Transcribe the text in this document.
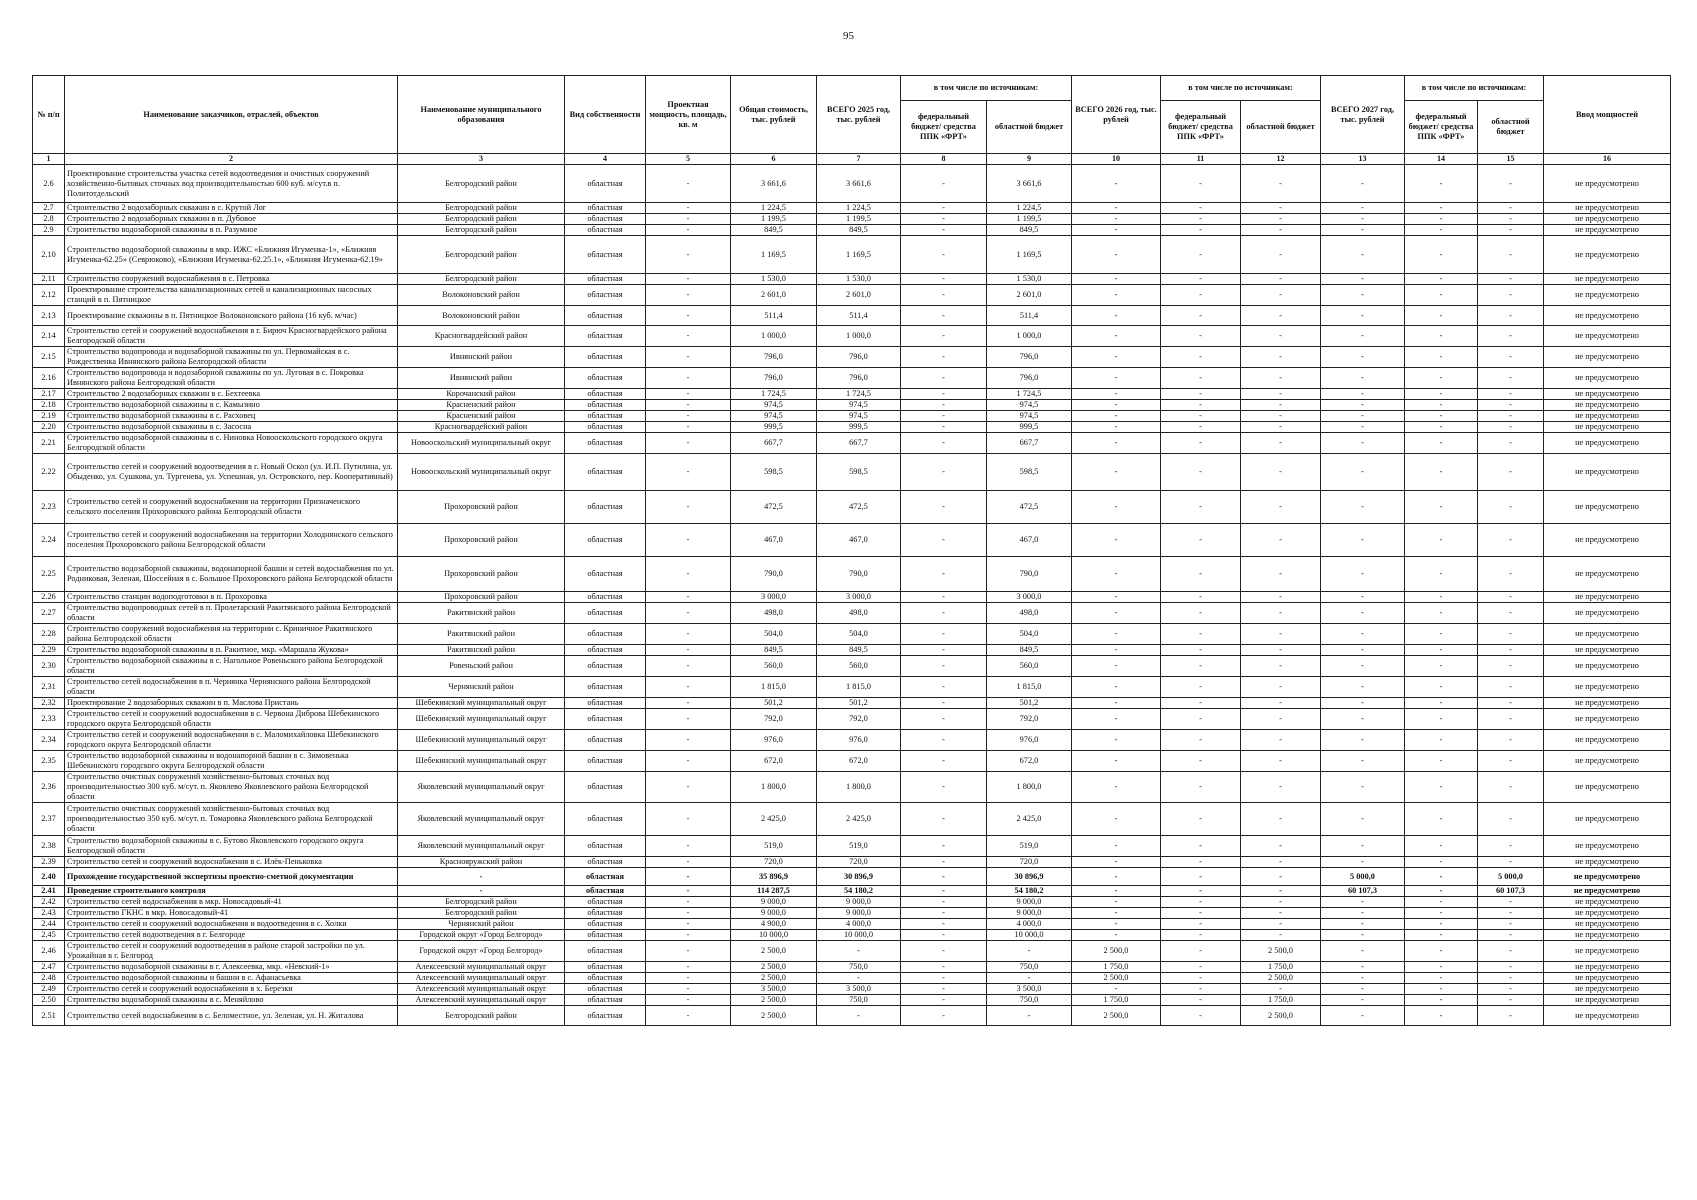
95
№ п/п	Наименование заказчиков, отраслей, объектов	Наименование муниципального образования	Вид собственности	Проектная мощность, площадь, кв. м	Общая стоимость, тыс. рублей	ВСЕГО 2025 год, тыс. рублей	в том числе по источникам:		ВСЕГО 2026 год, тыс. рублей	в том числе по источникам:		ВСЕГО 2027 год, тыс. рублей	в том числе по источникам:		Ввод мощностей
							федеральный бюджет/ средства ППК «ФРТ»	областной бюджет		федеральный бюджет/ средства ППК «ФРТ»	областной бюджет		федеральный бюджет/ средства ППК «ФРТ»	областной бюджет	
1	2	3	4	5	6	7	8	9	10	11	12	13	14	15	16
2.6	Проектирование строительства участка сетей водоотведения и очистных сооружений хозяйственно-бытовых сточных вод производительностью 600 куб. м/сут.в п. Политотдельский	Белгородский район	областная	-	3 661,6	3 661,6	-	3 661,6	-	-	-	-	-	-	не предусмотрено
2.7	Строительство 2 водозаборных скважин в с. Крутой Лог	Белгородский район	областная	-	1 224,5	1 224,5	-	1 224,5	-	-	-	-	-	-	не предусмотрено
2.8	Строительство 2 водозаборных скважин в п. Дубовое	Белгородский район	областная	-	1 199,5	1 199,5	-	1 199,5	-	-	-	-	-	-	не предусмотрено
2.9	Строительство водозаборной скважины в п. Разумное	Белгородский район	областная	-	849,5	849,5	-	849,5	-	-	-	-	-	-	не предусмотрено
2.10	Строительство водозаборной скважины в мкр. ИЖС «Ближняя Игуменка-1», «Ближняя Игуменка-62.25» (Севрюково), «Ближняя Игуменка-62.25.1», «Ближняя Игуменка-62.19»	Белгородский район	областная	-	1 169,5	1 169,5	-	1 169,5	-	-	-	-	-	-	не предусмотрено
2.11	Строительство сооружений водоснабжения в с. Петровка	Белгородский район	областная	-	1 530,0	1 530,0	-	1 530,0	-	-	-	-	-	-	не предусмотрено
2.12	Проектирование строительства канализационных сетей и канализационных насосных станций в п. Пятницкое	Волоконовский район	областная	-	2 601,0	2 601,0	-	2 601,0	-	-	-	-	-	-	не предусмотрено
2.13	Проектирование скважины в п. Пятницкое Волоконовского района (16 куб. м/час)	Волоконовский район	областная	-	511,4	511,4	-	511,4	-	-	-	-	-	-	не предусмотрено
2.14	Строительство сетей и сооружений водоснабжения в г. Бирюч Красногвардейского района Белгородской области	Красногвардейский район	областная	-	1 000,0	1 000,0	-	1 000,0	-	-	-	-	-	-	не предусмотрено
2.15	Строительство водопровода и водозаборной скважины по ул. Первомайская в с. Рождественка Ивнянского района Белгородской области	Ивнянский район	областная	-	796,0	796,0	-	796,0	-	-	-	-	-	-	не предусмотрено
2.16	Строительство водопровода и водозаборной скважины по ул. Луговая в с. Покровка Ивнянского района Белгородской области	Ивнянский район	областная	-	796,0	796,0	-	796,0	-	-	-	-	-	-	не предусмотрено
2.17	Строительство 2 водозаборных скважин в с. Бехтеевка	Корочанский район	областная	-	1 724,5	1 724,5	-	1 724,5	-	-	-	-	-	-	не предусмотрено
2.18	Строительство водозаборной скважины в с. Камызино	Красненский район	областная	-	974,5	974,5	-	974,5	-	-	-	-	-	-	не предусмотрено
2.19	Строительство водозаборной скважины в с. Расховец	Красненский район	областная	-	974,5	974,5	-	974,5	-	-	-	-	-	-	не предусмотрено
2.20	Строительство водозаборной скважины в с. Засосна	Красногвардейский район	областная	-	999,5	999,5	-	999,5	-	-	-	-	-	-	не предусмотрено
2.21	Строительство водозаборной скважины в с. Ниновка Новооскольского городского округа Белгородской области	Новооскольский муниципальный округ	областная	-	667,7	667,7	-	667,7	-	-	-	-	-	-	не предусмотрено
2.22	Строительство сетей и сооружений водоотведения в г. Новый Оскол (ул. И.П. Путилина, ул. Обыденко, ул. Сушкова, ул. Тургенева, ул. Успешная, ул. Островского, пер. Кооперативный)	Новооскольский муниципальный округ	областная	-	598,5	598,5	-	598,5	-	-	-	-	-	-	не предусмотрено
2.23	Строительство сетей и сооружений водоснабжения на территории Призначенского сельского поселения Прохоровского района Белгородской области	Прохоровский район	областная	-	472,5	472,5	-	472,5	-	-	-	-	-	-	не предусмотрено
2.24	Строительство сетей и сооружений водоснабжения на территории Холоднянского сельского поселения Прохоровского района Белгородской области	Прохоровский район	областная	-	467,0	467,0	-	467,0	-	-	-	-	-	-	не предусмотрено
2.25	Строительство водозаборной скважины, водонапорной башни и сетей водоснабжения по ул. Родниковая, Зеленая, Шоссейная в с. Большое Прохоровского района Белгородской области	Прохоровский район	областная	-	790,0	790,0	-	790,0	-	-	-	-	-	-	не предусмотрено
2.26	Строительство станции водоподготовки в п. Прохоровка	Прохоровский район	областная	-	3 000,0	3 000,0	-	3 000,0	-	-	-	-	-	-	не предусмотрено
2.27	Строительство водопроводных сетей в п. Пролетарский Ракитянского района Белгородской области	Ракитянский район	областная	-	498,0	498,0	-	498,0	-	-	-	-	-	-	не предусмотрено
2.28	Строительство сооружений водоснабжения на территории с. Криничное Ракитянского района Белгородской области	Ракитянский район	областная	-	504,0	504,0	-	504,0	-	-	-	-	-	-	не предусмотрено
2.29	Строительство водозаборной скважины в п. Ракитное, мкр. «Маршала Жукова»	Ракитянский район	областная	-	849,5	849,5	-	849,5	-	-	-	-	-	-	не предусмотрено
2.30	Строительство водозаборной скважины в с. Нагольное Ровеньского района Белгородской области	Ровеньский район	областная	-	560,0	560,0	-	560,0	-	-	-	-	-	-	не предусмотрено
2.31	Строительство сетей водоснабжения в п. Чернянка Чернянского района Белгородской области	Чернянский район	областная	-	1 815,0	1 815,0	-	1 815,0	-	-	-	-	-	-	не предусмотрено
2.32	Проектирование 2 водозаборных скважин в п. Маслова Пристань	Шебекинский муниципальный округ	областная	-	501,2	501,2	-	501,2	-	-	-	-	-	-	не предусмотрено
2.33	Строительство сетей и сооружений водоснабжения в с. Червона Диброва Шебекинского городского округа Белгородской области	Шебекинский муниципальный округ	областная	-	792,0	792,0	-	792,0	-	-	-	-	-	-	не предусмотрено
2.34	Строительство сетей и сооружений водоснабжения в с. Маломихайловка Шебекинского городского округа Белгородской области	Шебекинский муниципальный округ	областная	-	976,0	976,0	-	976,0	-	-	-	-	-	-	не предусмотрено
2.35	Строительство водозаборной скважины и водонапорной башни в с. Зимовенька Шебекинского городского округа Белгородской области	Шебекинский муниципальный округ	областная	-	672,0	672,0	-	672,0	-	-	-	-	-	-	не предусмотрено
2.36	Строительство очистных сооружений хозяйственно-бытовых сточных вод производительностью 300 куб. м/сут. п. Яковлево Яковлевского района Белгородской области	Яковлевский муниципальный округ	областная	-	1 800,0	1 800,0	-	1 800,0	-	-	-	-	-	-	не предусмотрено
2.37	Строительство очистных сооружений хозяйственно-бытовых сточных вод производительностью 350 куб. м/сут. п. Томаровка Яковлевского района Белгородской области	Яковлевский муниципальный округ	областная	-	2 425,0	2 425,0	-	2 425,0	-	-	-	-	-	-	не предусмотрено
2.38	Строительство водозаборной скважины в с. Бутово Яковлевского городского округа Белгородской области	Яковлевский муниципальный округ	областная	-	519,0	519,0	-	519,0	-	-	-	-	-	-	не предусмотрено
2.39	Строительство сетей и сооружений водоснабжения в с. Илёк-Пеньковка	Краснояружский район	областная	-	720,0	720,0	-	720,0	-	-	-	-	-	-	не предусмотрено
2.40	Прохождение государственной экспертизы проектно-сметной документации	-	областная	-	35 896,9	30 896,9	-	30 896,9	-	-	-	5 000,0	-	5 000,0	не предусмотрено
2.41	Проведение строительного контроля	-	областная	-	114 287,5	54 180,2	-	54 180,2	-	-	-	60 107,3	-	60 107,3	не предусмотрено
2.42	Строительство сетей водоснабжения в мкр. Новосадовый-41	Белгородский район	областная	-	9 000,0	9 000,0	-	9 000,0	-	-	-	-	-	-	не предусмотрено
2.43	Строительство ГКНС в мкр. Новосадовый-41	Белгородский район	областная	-	9 000,0	9 000,0	-	9 000,0	-	-	-	-	-	-	не предусмотрено
2.44	Строительство сетей и сооружений водоснабжения и водоотведения в с. Холки	Чернянский район	областная	-	4 900,0	4 000,0	-	4 000,0	-	-	-	-	-	-	не предусмотрено
2.45	Строительство сетей водоотведения в г. Белгороде	Городской округ «Город Белгород»	областная	-	10 000,0	10 000,0	-	10 000,0	-	-	-	-	-	-	не предусмотрено
2.46	Строительство сетей и сооружений водоотведения в районе старой застройки по ул. Урожайная в г. Белгород	Городской округ «Город Белгород»	областная	-	2 500,0	-	-	-	2 500,0	-	2 500,0	-	-	-	не предусмотрено
2.47	Строительство водозаборной скважины в г. Алексеевка, мкр. «Невский-1»	Алексеевский муниципальный округ	областная	-	2 500,0	750,0	-	750,0	1 750,0	-	1 750,0	-	-	-	не предусмотрено
2.48	Строительство водозаборной скважины и башни в с. Афанасьевка	Алексеевский муниципальный округ	областная	-	2 500,0	-	-	-	2 500,0	-	2 500,0	-	-	-	не предусмотрено
2.49	Строительство сетей и сооружений водоснабжения в х. Березки	Алексеевский муниципальный округ	областная	-	3 500,0	3 500,0	-	3 500,0	-	-	-	-	-	-	не предусмотрено
2.50	Строительство водозаборной скважины в с. Меняйлово	Алексеевский муниципальный округ	областная	-	2 500,0	750,0	-	750,0	1 750,0	-	1 750,0	-	-	-	не предусмотрено
2.51	Строительство сетей водоснабжения в с. Беломестное, ул. Зеленая, ул. Н. Жигалова	Белгородский район	областная	-	2 500,0	-	-	-	2 500,0	-	2 500,0	-	-	-	не предусмотрено
